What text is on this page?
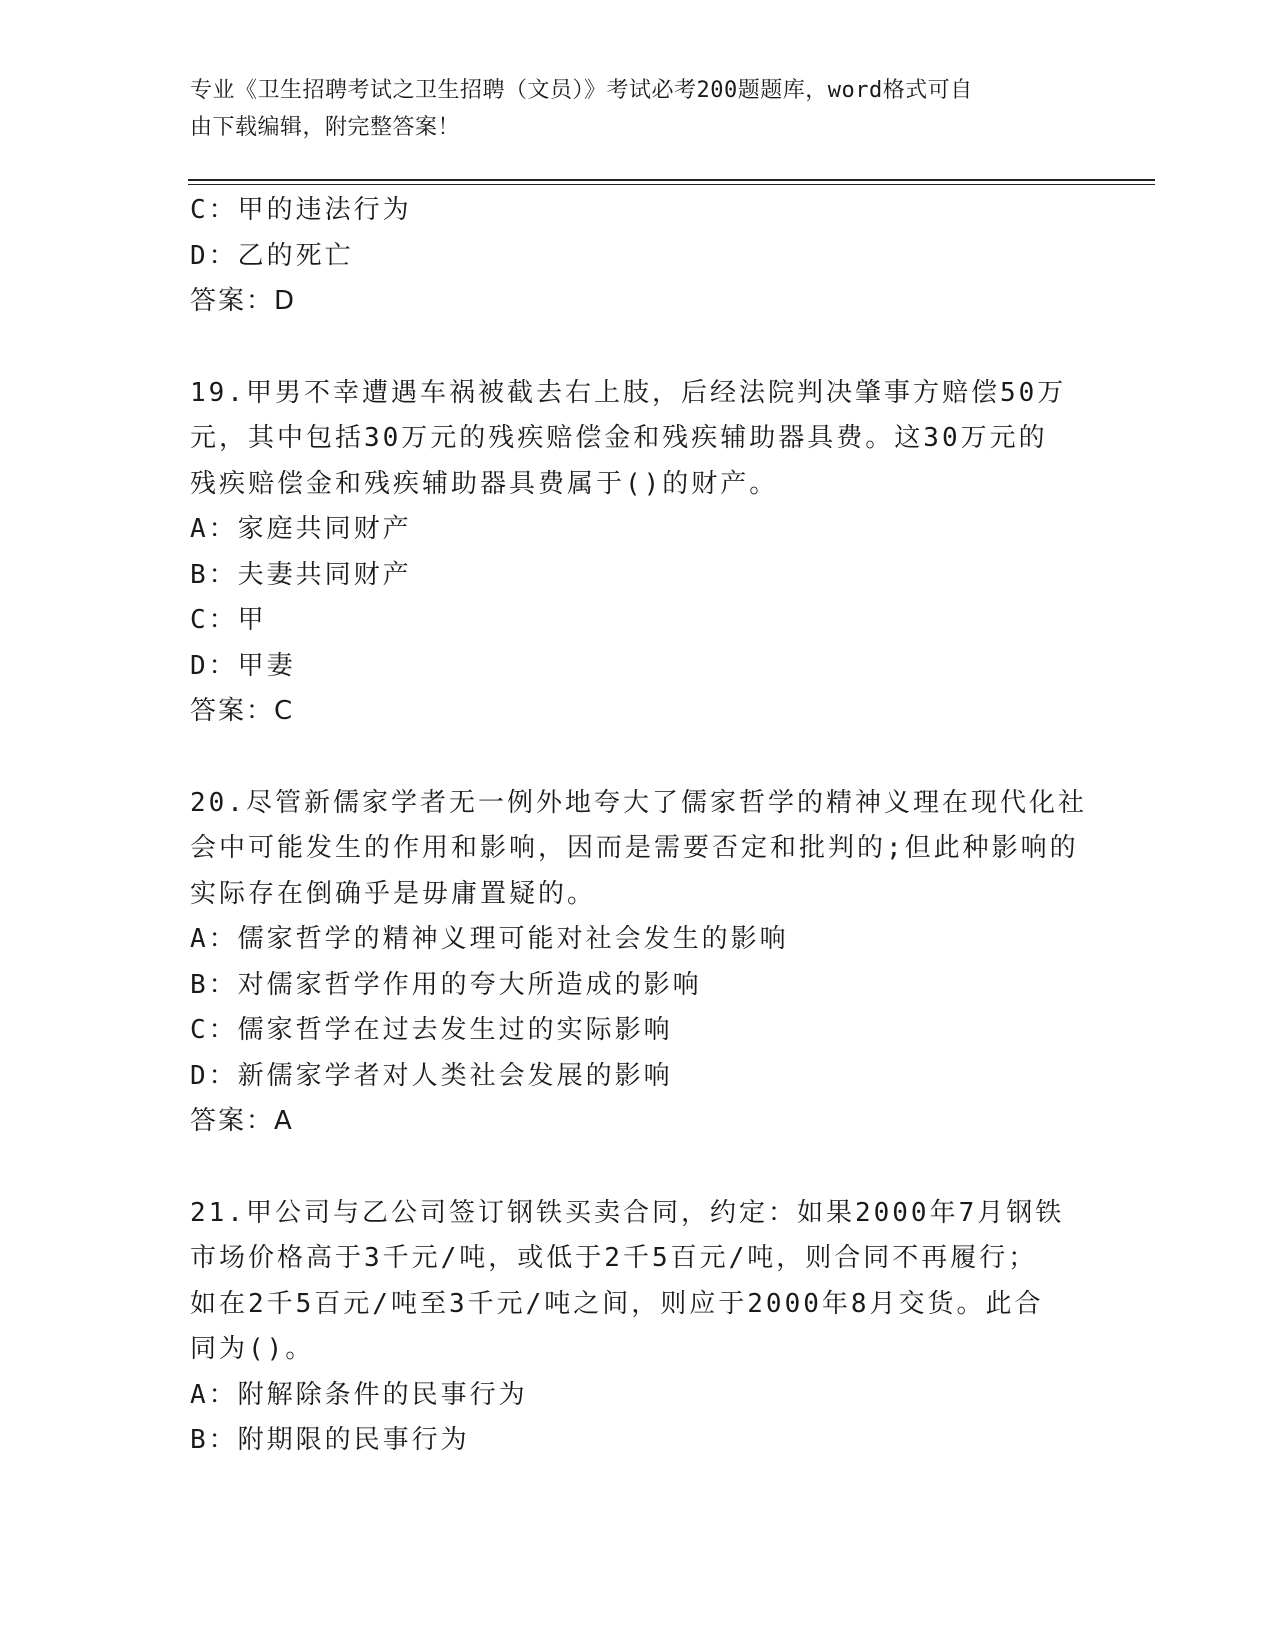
专业《卫生招聘考试之卫生招聘（文员）》考试必考200题题库，word格式可自
由下载编辑，附完整答案！

C：甲的违法行为

D：乙的死亡

答案：D

19.甲男不幸遭遇车祸被截去右上肢，后经法院判决肇事方赔偿50万

元，其中包括30万元的残疾赔偿金和残疾辅助器具费。这30万元的

残疾赔偿金和残疾辅助器具费属于()的财产。

A：家庭共同财产

B：夫妻共同财产

C：甲

D：甲妻

答案：C

20.尽管新儒家学者无一例外地夸大了儒家哲学的精神义理在现代化社

会中可能发生的作用和影响，因而是需要否定和批判的;但此种影响的

实际存在倒确乎是毋庸置疑的。

A：儒家哲学的精神义理可能对社会发生的影响

B：对儒家哲学作用的夸大所造成的影响

C：儒家哲学在过去发生过的实际影响

D：新儒家学者对人类社会发展的影响

答案：A

21.甲公司与乙公司签订钢铁买卖合同，约定：如果2000年7月钢铁

市场价格高于3千元/吨，或低于2千5百元/吨，则合同不再履行；

如在2千5百元/吨至3千元/吨之间，则应于2000年8月交货。此合

同为()。

A：附解除条件的民事行为

B：附期限的民事行为
